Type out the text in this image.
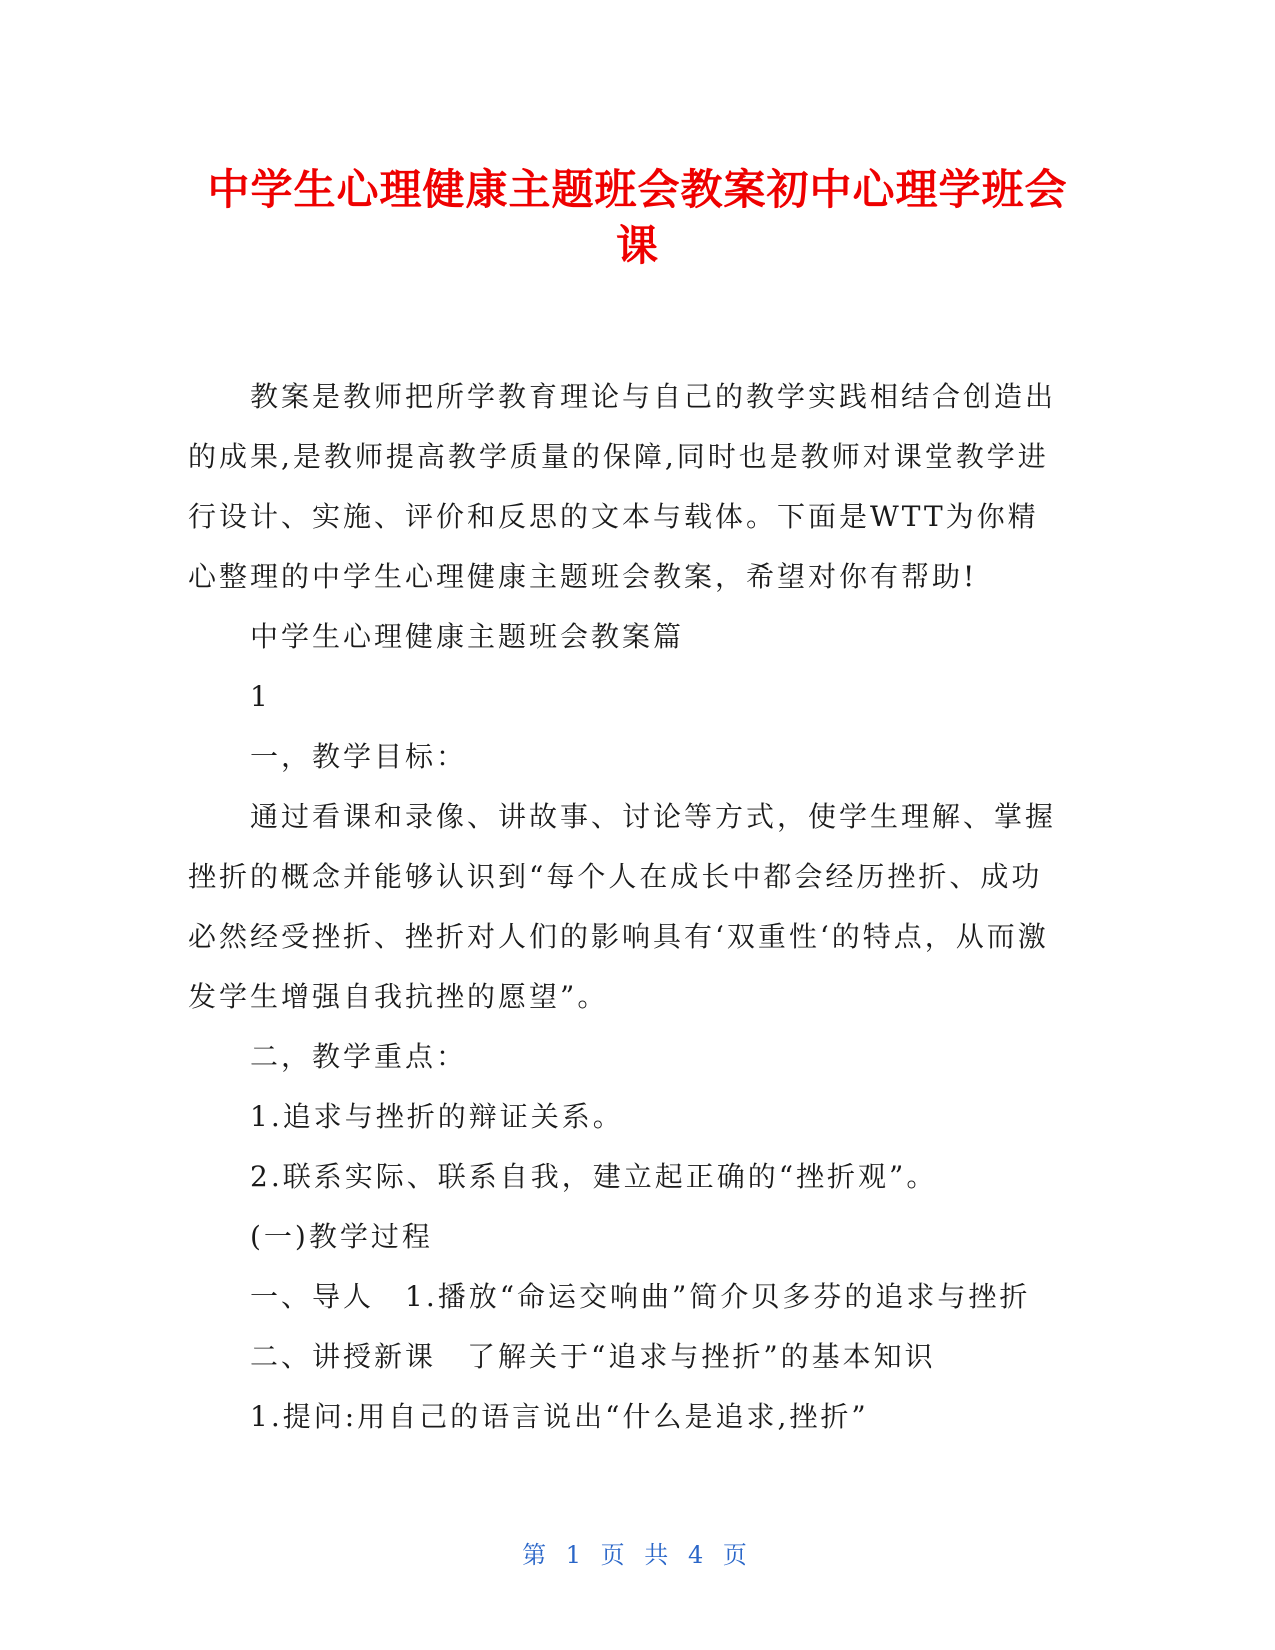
中学生心理健康主题班会教案初中心理学班会
课

教案是教师把所学教育理论与自己的教学实践相结合创造出的成果,是教师提高教学质量的保障,同时也是教师对课堂教学进行设计、实施、评价和反思的文本与载体。下面是WTT为你精心整理的中学生心理健康主题班会教案，希望对你有帮助!

中学生心理健康主题班会教案篇

1

一，教学目标：

通过看课和录像、讲故事、讨论等方式，使学生理解、掌握挫折的概念并能够认识到“每个人在成长中都会经历挫折、成功必然经受挫折、挫折对人们的影响具有‘双重性‘的特点，从而激发学生增强自我抗挫的愿望”。

二，教学重点：

1.追求与挫折的辩证关系。

2.联系实际、联系自我，建立起正确的“挫折观”。

(一)教学过程

一、导人　1.播放“命运交响曲”简介贝多芬的追求与挫折

二、讲授新课　了解关于“追求与挫折”的基本知识

1.提问:用自己的语言说出“什么是追求,挫折”

第 1 页 共 4 页
